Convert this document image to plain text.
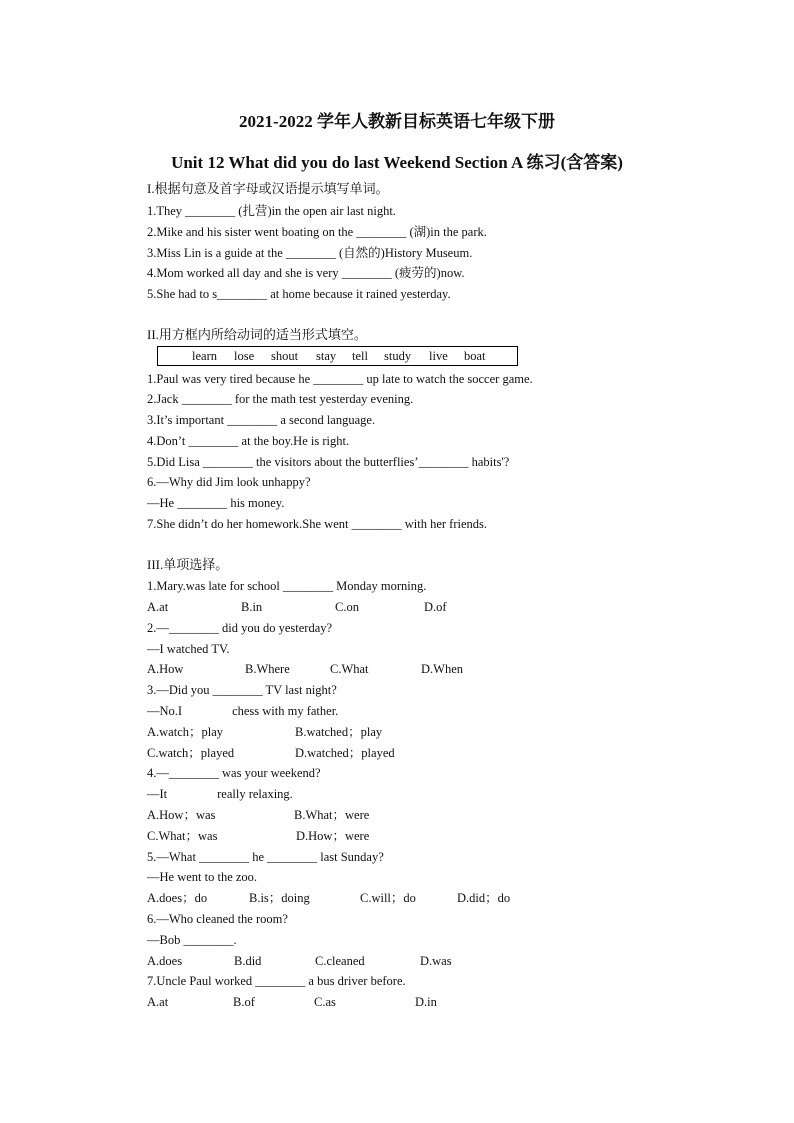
2021-2022 学年人教新目标英语七年级下册
Unit 12 What did you do last Weekend Section A 练习(含答案)
I.根据句意及首字母或汉语提示填写单词。
1.They ________ (扎营)in the open air last night.
2.Mike and his sister went boating on the ________ (湖)in the park.
3.Miss Lin is a guide at the ________ (自然的)History Museum.
4.Mom worked all day and she is very ________ (疲劳的)now.
5.She had to s________ at home because it rained yesterday.
II.用方框内所给动词的适当形式填空。
learn lose shout stay tell study live boat
1.Paul was very tired because he ________ up late to watch the soccer game.
2.Jack ________ for the math test yesterday evening.
3.It’s important ________ a second language.
4.Don’t ________ at the boy.He is right.
5.Did Lisa ________ the visitors about the butterflies’________ habits'?
6.—Why did Jim look unhappy?
—He ________ his money.
7.She didn’t do her homework.She went ________ with her friends.
III.单项选择。
1.Mary.was late for school ________ Monday morning.
A.at	B.in	C.on	D.of
2.—________ did you do yesterday?
—I watched TV.
A.How	B.Where	C.What	D.When
3.—Did you ________ TV last night?
—No.I                chess with my father.
A.watch；play	B.watched；play
C.watch；played	D.watched；played
4.—________ was your weekend?
—It                really relaxing.
A.How；was	B.What；were
C.What；was	D.How；were
5.—What ________ he ________ last Sunday?
—He went to the zoo.
A.does；do	B.is；doing	C.will；do	D.did；do
6.—Who cleaned the room?
—Bob ________.
A.does	B.did	C.cleaned	D.was
7.Uncle Paul worked ________ a bus driver before.
A.at	B.of	C.as	D.in
